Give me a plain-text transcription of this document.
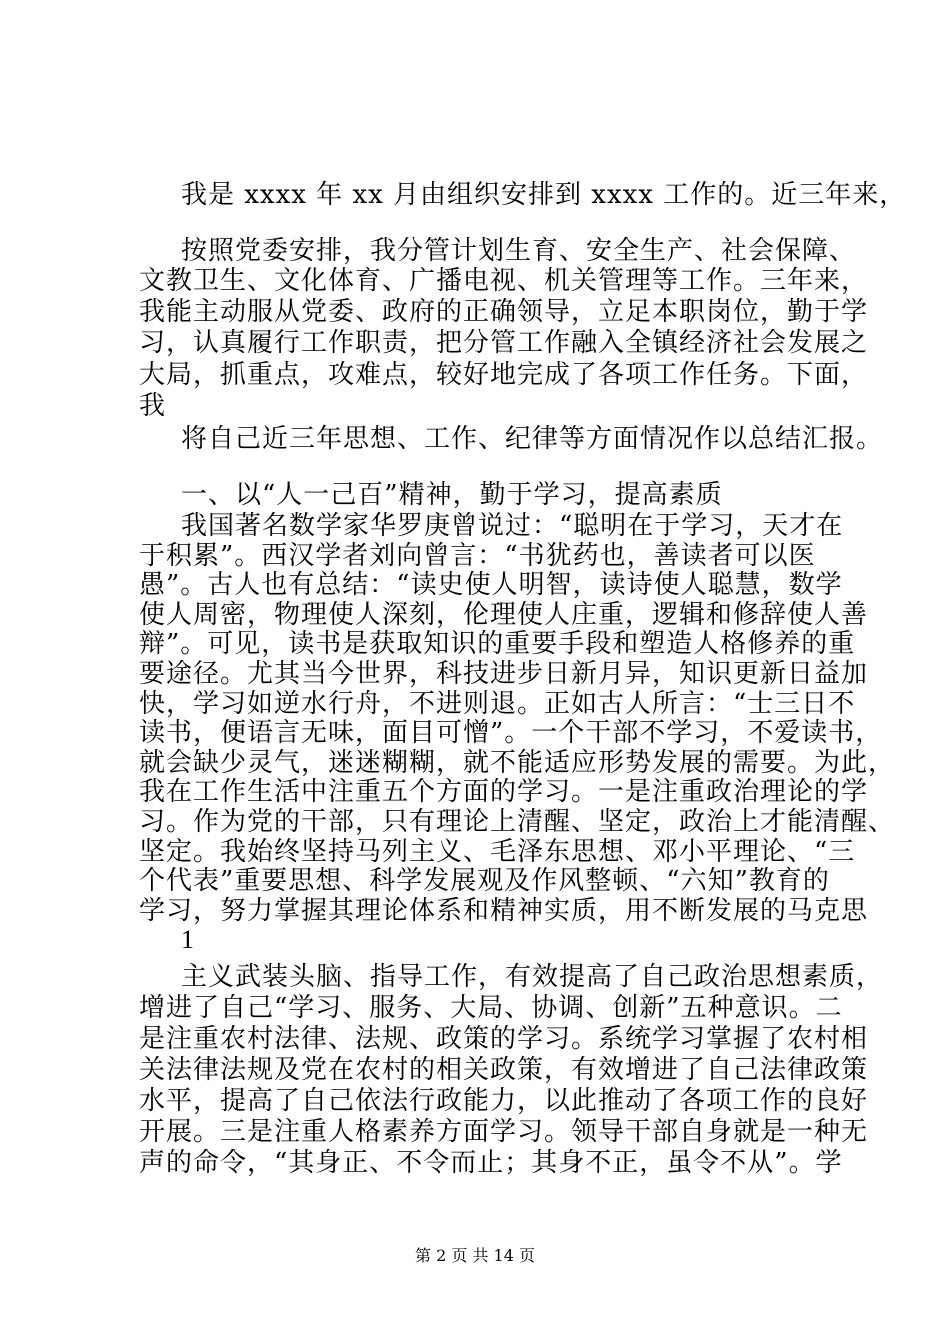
我是 xxxx 年 xx 月由组织安排到 xxxx 工作的。近三年来，
按照党委安排，我分管计划生育、安全生产、社会保障、
文教卫生、文化体育、广播电视、机关管理等工作。三年来，
我能主动服从党委、政府的正确领导，立足本职岗位，勤于学
习，认真履行工作职责，把分管工作融入全镇经济社会发展之
大局，抓重点，攻难点，较好地完成了各项工作任务。下面，
我
将自己近三年思想、工作、纪律等方面情况作以总结汇报。
一、以“人一己百”精神，勤于学习，提高素质
我国著名数学家华罗庚曾说过：“聪明在于学习，天才在
于积累”。西汉学者刘向曾言：“书犹药也，善读者可以医
愚”。古人也有总结：“读史使人明智，读诗使人聪慧，数学
使人周密，物理使人深刻，伦理使人庄重，逻辑和修辞使人善
辩”。可见，读书是获取知识的重要手段和塑造人格修养的重
要途径。尤其当今世界，科技进步日新月异，知识更新日益加
快，学习如逆水行舟，不进则退。正如古人所言：“士三日不
读书，便语言无味，面目可憎”。一个干部不学习，不爱读书，
就会缺少灵气，迷迷糊糊，就不能适应形势发展的需要。为此，
我在工作生活中注重五个方面的学习。一是注重政治理论的学
习。作为党的干部，只有理论上清醒、坚定，政治上才能清醒、
坚定。我始终坚持马列主义、毛泽东思想、邓小平理论、“三
个代表”重要思想、科学发展观及作风整顿、“六知”教育的
学习，努力掌握其理论体系和精神实质，用不断发展的马克思
1
主义武装头脑、指导工作，有效提高了自己政治思想素质，
增进了自己“学习、服务、大局、协调、创新”五种意识。二
是注重农村法律、法规、政策的学习。系统学习掌握了农村相
关法律法规及党在农村的相关政策，有效增进了自己法律政策
水平，提高了自己依法行政能力，以此推动了各项工作的良好
开展。三是注重人格素养方面学习。领导干部自身就是一种无
声的命令，“其身正、不令而止；其身不正，虽令不从”。学
第 2 页 共 14 页
